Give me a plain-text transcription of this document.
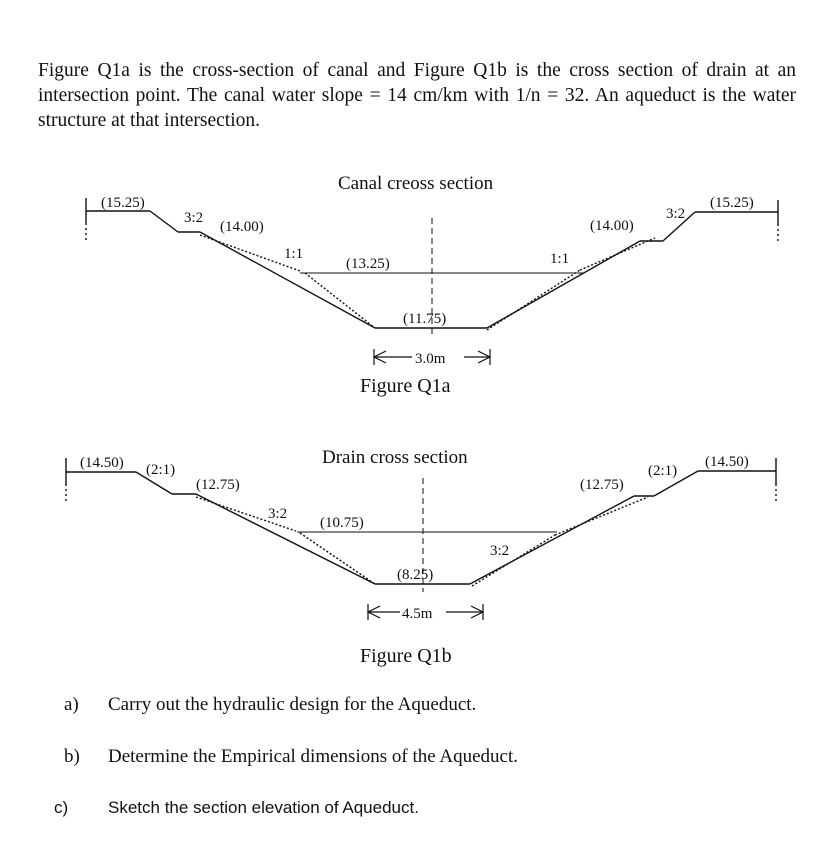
Figure Q1a is the cross-section of canal and Figure Q1b is the cross section of drain at an intersection point. The canal water slope = 14 cm/km with 1/n = 32. An aqueduct is the water structure at that intersection.

Canal creoss section
(15.25)	(15.25)
3:2	3:2
(14.00)	(14.00)
1:1	1:1
(13.25)
(11.75)
3.0m
Figure Q1a
Drain cross section
(14.50)	(14.50)
(2:1)	(2:1)
(12.75)	(12.75)
3:2
3:2
(10.75)
(8.25)
4.5m
Figure Q1b
a) Carry out the hydraulic design for the Aqueduct.
b) Determine the Empirical dimensions of the Aqueduct.
c) Sketch the section elevation of Aqueduct.
